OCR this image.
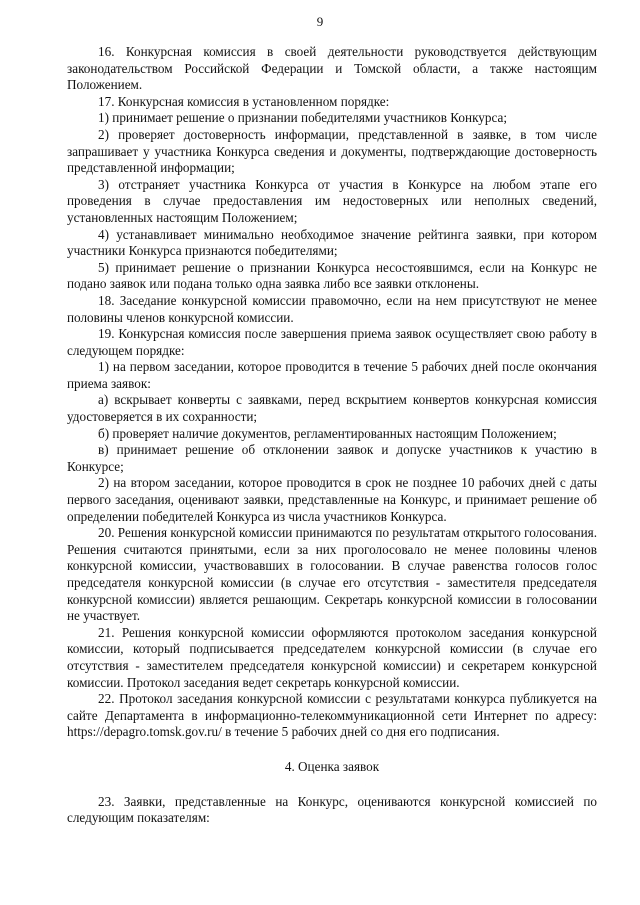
9

16. Конкурсная комиссия в своей деятельности руководствуется действующим законодательством Российской Федерации и Томской области, а также настоящим Положением.

17. Конкурсная комиссия в установленном порядке:

1) принимает решение о признании победителями участников Конкурса;

2) проверяет достоверность информации, представленной в заявке, в том числе запрашивает у участника Конкурса сведения и документы, подтверждающие достоверность представленной информации;

3) отстраняет участника Конкурса от участия в Конкурсе на любом этапе его проведения в случае предоставления им недостоверных или неполных сведений, установленных настоящим Положением;

4) устанавливает минимально необходимое значение рейтинга заявки, при котором участники Конкурса признаются победителями;

5) принимает решение о признании Конкурса несостоявшимся, если на Конкурс не подано заявок или подана только одна заявка либо все заявки отклонены.

18. Заседание конкурсной комиссии правомочно, если на нем присутствуют не менее половины членов конкурсной комиссии.

19. Конкурсная комиссия после завершения приема заявок осуществляет свою работу в следующем порядке:

1) на первом заседании, которое проводится в течение 5 рабочих дней после окончания приема заявок:

а) вскрывает конверты с заявками, перед вскрытием конвертов конкурсная комиссия удостоверяется в их сохранности;

б) проверяет наличие документов, регламентированных настоящим Положением;

в) принимает решение об отклонении заявок и допуске участников к участию в Конкурсе;

2) на втором заседании, которое проводится в срок не позднее 10 рабочих дней с даты первого заседания, оценивают заявки, представленные на Конкурс, и принимает решение об определении победителей Конкурса из числа участников Конкурса.

20. Решения конкурсной комиссии принимаются по результатам открытого голосования. Решения считаются принятыми, если за них проголосовало не менее половины членов конкурсной комиссии, участвовавших в голосовании. В случае равенства голосов голос председателя конкурсной комиссии (в случае его отсутствия - заместителя председателя конкурсной комиссии) является решающим. Секретарь конкурсной комиссии в голосовании не участвует.

21. Решения конкурсной комиссии оформляются протоколом заседания конкурсной комиссии, который подписывается председателем конкурсной комиссии (в случае его отсутствия - заместителем председателя конкурсной комиссии) и секретарем конкурсной комиссии. Протокол заседания ведет секретарь конкурсной комиссии.

22. Протокол заседания конкурсной комиссии с результатами конкурса публикуется на сайте Департамента в информационно-телекоммуникационной сети Интернет по адресу: https://depagro.tomsk.gov.ru/ в течение 5 рабочих дней со дня его подписания.

4. Оценка заявок

23. Заявки, представленные на Конкурс, оцениваются конкурсной комиссией по следующим показателям:
